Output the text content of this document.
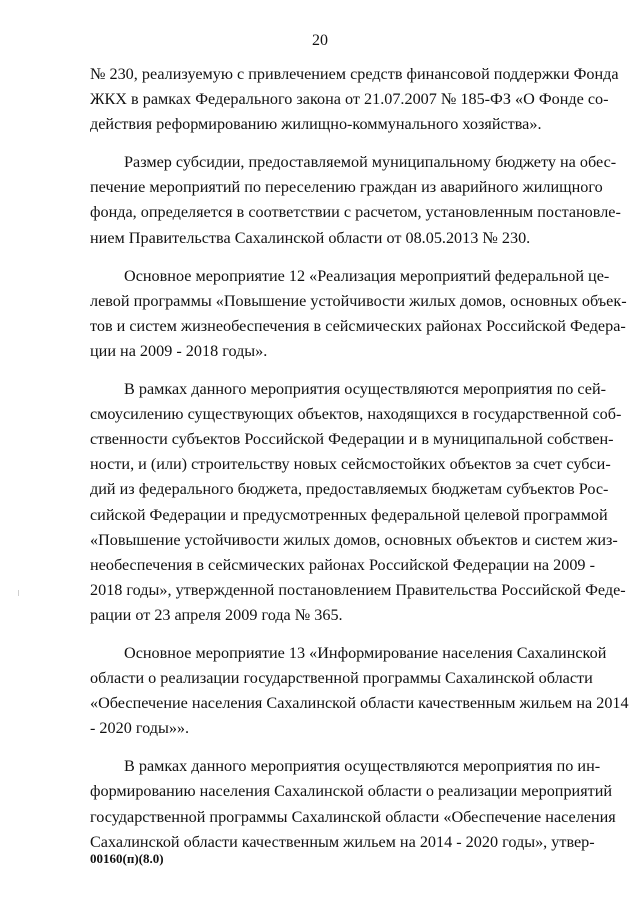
20
№ 230, реализуемую с привлечением средств финансовой поддержки Фонда
ЖКХ в рамках Федерального закона от 21.07.2007 № 185-ФЗ «О Фонде со-
действия реформированию жилищно-коммунального хозяйства».
Размер субсидии, предоставляемой муниципальному бюджету на обес-
печение мероприятий по переселению граждан из аварийного жилищного
фонда, определяется в соответствии с расчетом, установленным постановле-
нием Правительства Сахалинской области от 08.05.2013 № 230.
Основное мероприятие 12 «Реализация мероприятий федеральной це-
левой программы «Повышение устойчивости жилых домов, основных объек-
тов и систем жизнеобеспечения в сейсмических районах Российской Федера-
ции на 2009 - 2018 годы».
В рамках данного мероприятия осуществляются мероприятия по сей-
смоусилению существующих объектов, находящихся в государственной соб-
ственности субъектов Российской Федерации и в муниципальной собствен-
ности, и (или) строительству новых сейсмостойких объектов за счет субси-
дий из федерального бюджета, предоставляемых бюджетам субъектов Рос-
сийской Федерации и предусмотренных федеральной целевой программой
«Повышение устойчивости жилых домов, основных объектов и систем жиз-
необеспечения в сейсмических районах Российской Федерации на 2009 -
2018 годы», утвержденной постановлением Правительства Российской Феде-
рации от 23 апреля 2009 года № 365.
Основное мероприятие 13 «Информирование населения Сахалинской
области о реализации государственной программы Сахалинской области
«Обеспечение населения Сахалинской области качественным жильем на 2014
- 2020 годы»».
В рамках данного мероприятия осуществляются мероприятия по ин-
формированию населения Сахалинской области о реализации мероприятий
государственной программы Сахалинской области «Обеспечение населения
Сахалинской области качественным жильем на 2014 - 2020 годы», утвер-
00160(п)(8.0)
